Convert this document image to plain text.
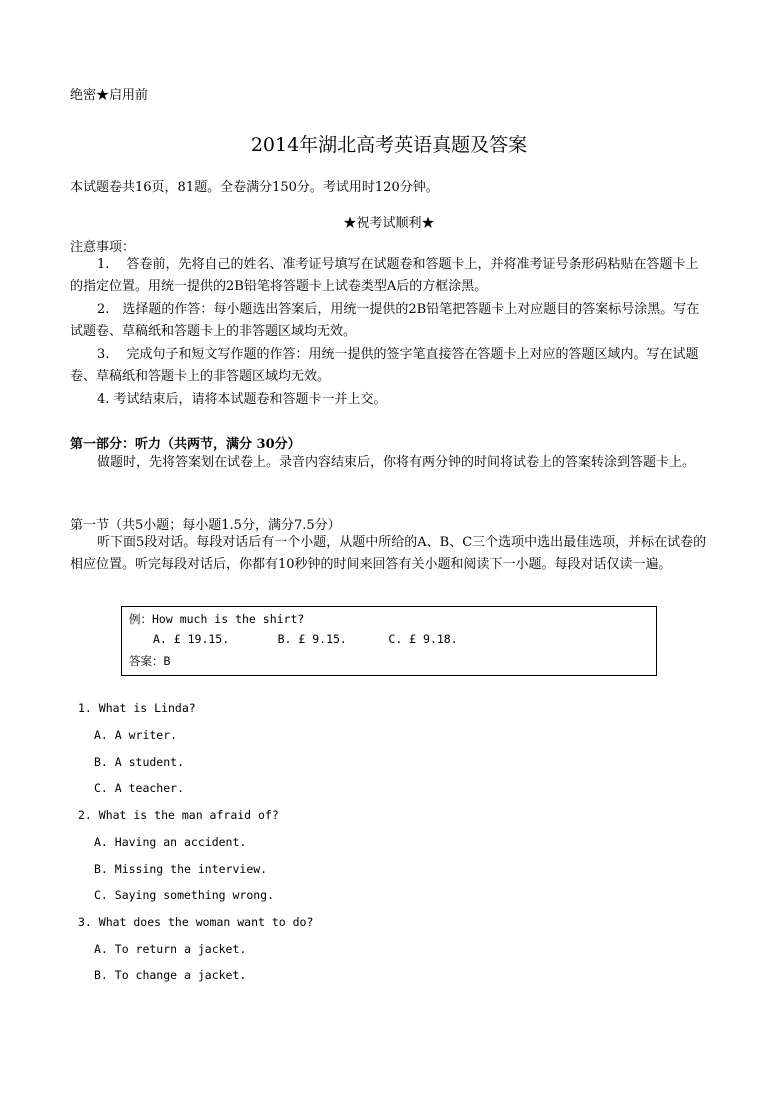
绝密★启用前
2014年湖北高考英语真题及答案
本试题卷共16页，81题。全卷满分150分。考试用时120分钟。
★祝考试顺利★
注意事项：
1.　 答卷前，先将自己的姓名、准考证号填写在试题卷和答题卡上，并将准考证号条形码粘贴在答题卡上的指定位置。用统一提供的2B铅笔将答题卡上试卷类型A后的方框涂黑。
2.　选择题的作答：每小题选出答案后，用统一提供的2B铅笔把答题卡上对应题目的答案标号涂黑。写在试题卷、草稿纸和答题卡上的非答题区域均无效。
3.　 完成句子和短文写作题的作答：用统一提供的签字笔直接答在答题卡上对应的答题区域内。写在试题卷、草稿纸和答题卡上的非答题区域均无效。
4. 考试结束后，请将本试题卷和答题卡一并上交。
第一部分：听力（共两节，满分 30分）
做题时，先将答案划在试卷上。录音内容结束后，你将有两分钟的时间将试卷上的答案转涂到答题卡上。
第一节（共5小题；每小题1.5分，满分7.5分）
听下面5段对话。每段对话后有一个小题，从题中所给的A、B、C三个选项中选出最佳选项，并标在试卷的相应位置。听完每段对话后，你都有10秒钟的时间来回答有关小题和阅读下一小题。每段对话仅读一遍。
例：How much is the shirt?
A. £ 19.15.       B. £ 9.15.      C. £ 9.18.
答案：B
1. What is Linda?
A. A writer.
B. A student.
C. A teacher.
2. What is the man afraid of?
A. Having an accident.
B. Missing the interview.
C. Saying something wrong.
3. What does the woman want to do?
A. To return a jacket.
B. To change a jacket.
